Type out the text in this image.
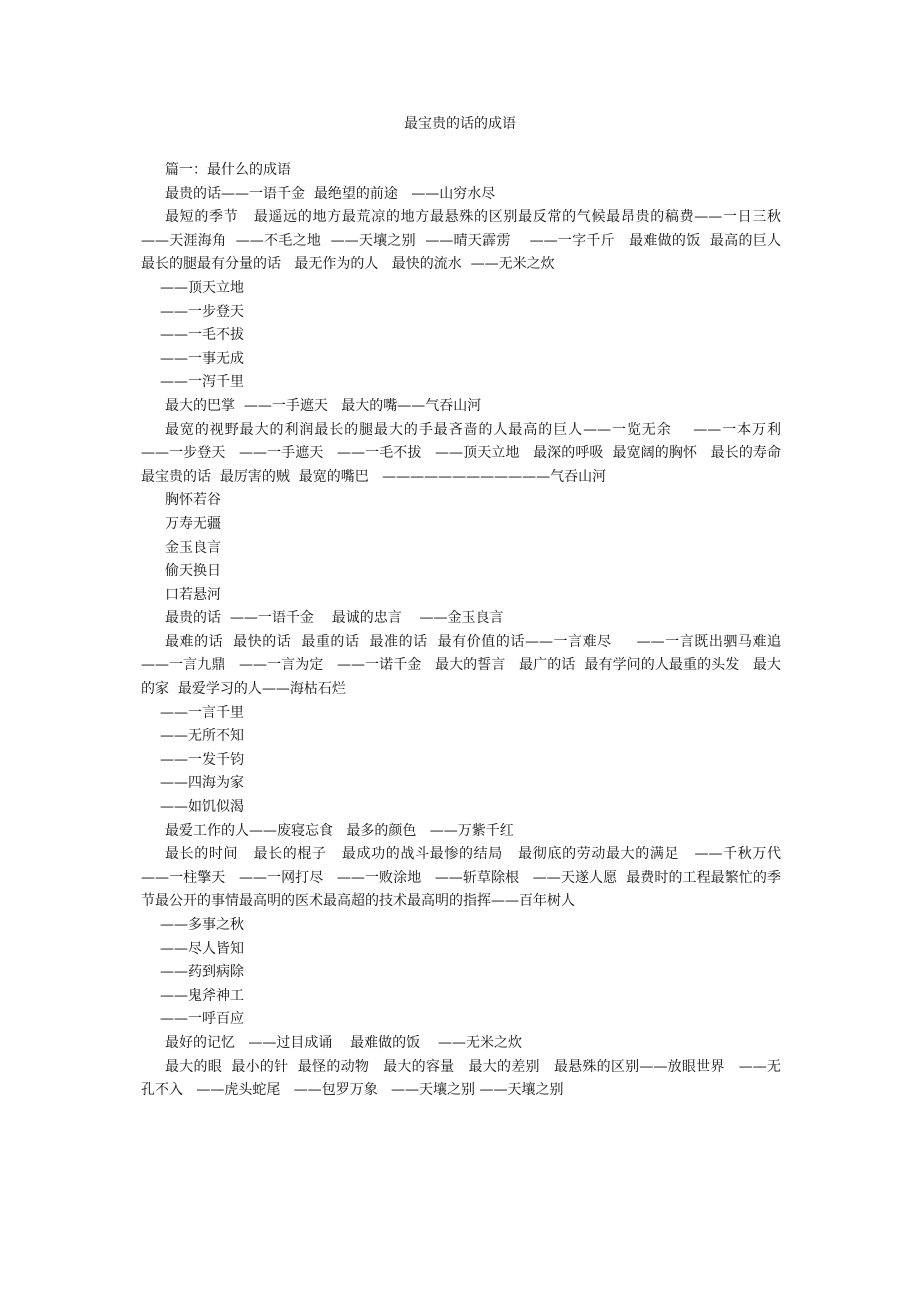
最宝贵的话的成语

篇一：最什么的成语

最贵的话——一语千金  最绝望的前途   ——山穷水尽

最短的季节   最遥远的地方最荒凉的地方最悬殊的区别最反常的气候最昂贵的稿费——一日三秋  ——天涯海角  ——不毛之地  ——天壤之别  ——晴天霹雳    ——一字千斤   最难做的饭  最高的巨人  最长的腿最有分量的话   最无作为的人   最快的流水  ——无米之炊

——顶天立地

——一步登天

——一毛不拔

——一事无成

——一泻千里

最大的巴掌  ——一手遮天   最大的嘴——气吞山河

最宽的视野最大的利润最长的腿最大的手最吝啬的人最高的巨人——一览无余    ——一本万利   ——一步登天   ——一手遮天   ——一毛不拔   ——顶天立地   最深的呼吸  最宽阔的胸怀   最长的寿命  最宝贵的话  最厉害的贼  最宽的嘴巴   ————————————气吞山河

胸怀若谷

万寿无疆

金玉良言

偷天换日

口若悬河

最贵的话  ——一语千金    最诚的忠言    ——金玉良言

最难的话  最快的话  最重的话  最准的话  最有价值的话——一言难尽     ——一言既出驷马难追   ——一言九鼎   ——一言为定   ——一诺千金   最大的誓言   最广的话  最有学问的人最重的头发   最大的家  最爱学习的人——海枯石烂

——一言千里

——无所不知

——一发千钧

——四海为家

——如饥似渴

最爱工作的人——废寝忘食   最多的颜色   ——万紫千红

最长的时间   最长的棍子   最成功的战斗最惨的结局   最彻底的劳动最大的满足   ——千秋万代   ——一柱擎天   ——一网打尽   ——一败涂地   ——斩草除根   ——天遂人愿  最费时的工程最繁忙的季节最公开的事情最高明的医术最高超的技术最高明的指挥——百年树人

——多事之秋

——尽人皆知

——药到病除

——鬼斧神工

——一呼百应

最好的记忆   ——过目成诵    最难做的饭    ——无米之炊

最大的眼  最小的针  最怪的动物   最大的容量   最大的差别   最悬殊的区别——放眼世界   ——无孔不入   ——虎头蛇尾   ——包罗万象   ——天壤之别 ——天壤之别
